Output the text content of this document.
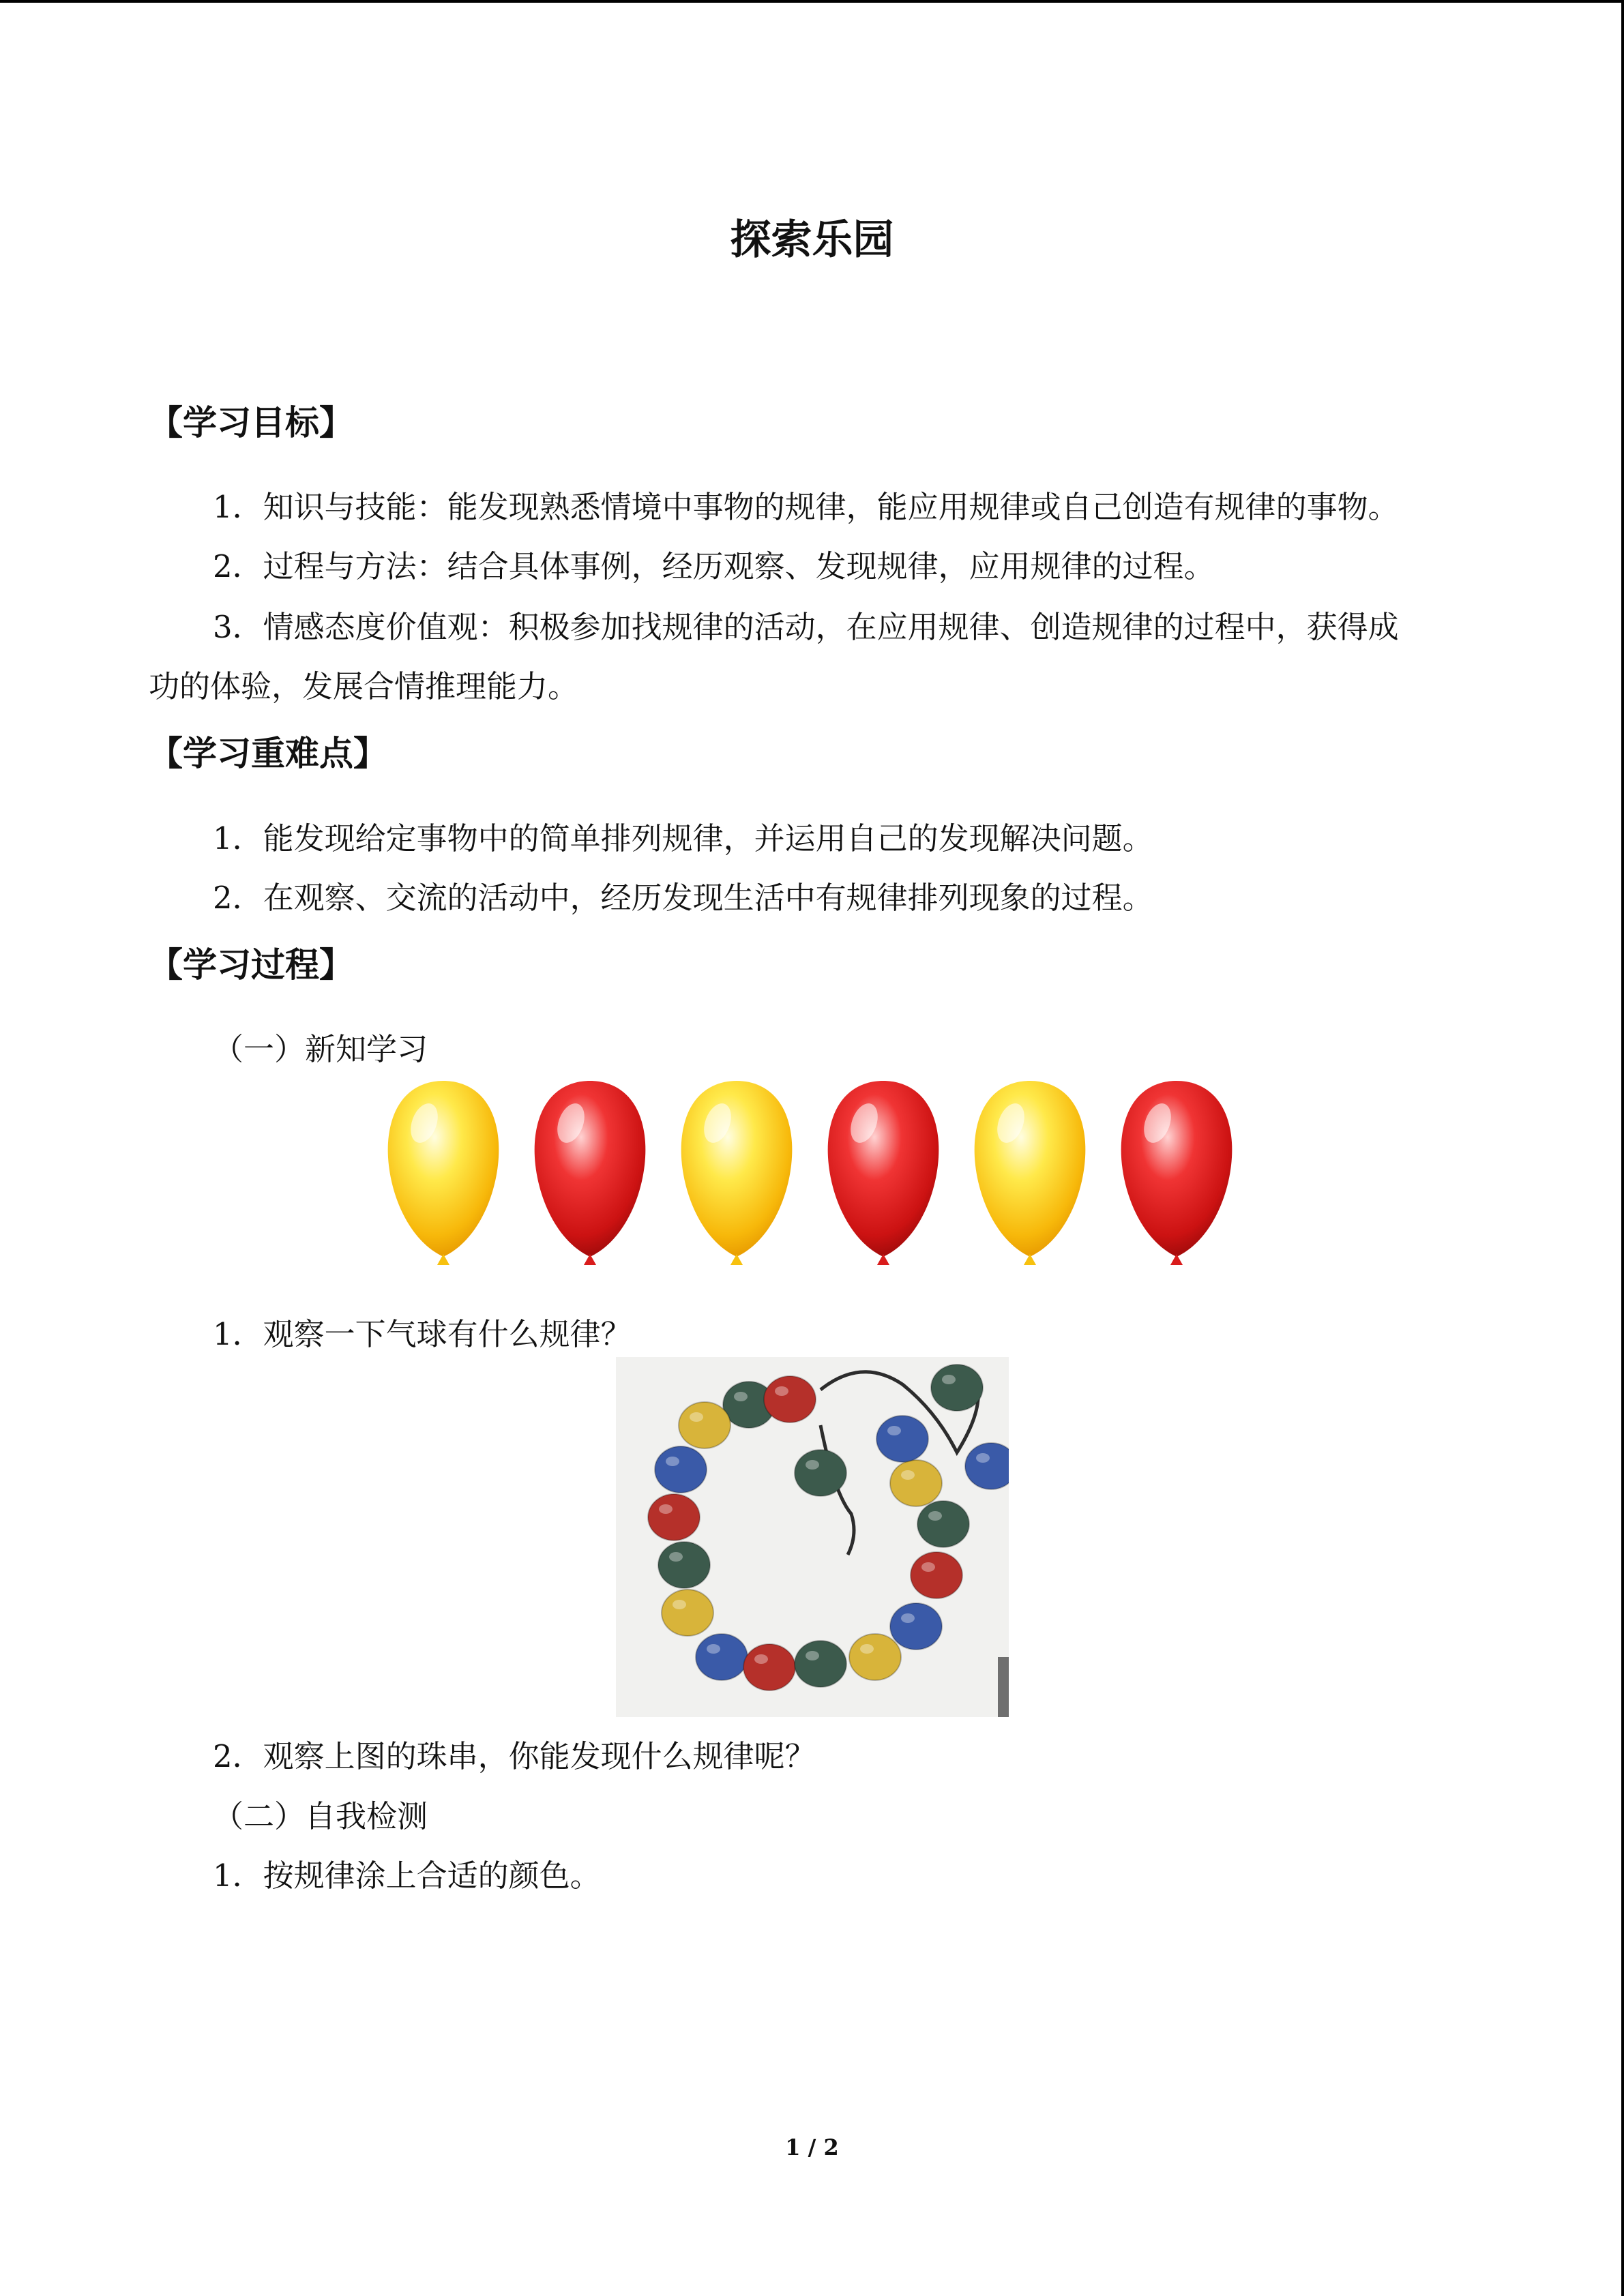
探索乐园
【学习目标】
1．知识与技能：能发现熟悉情境中事物的规律，能应用规律或自己创造有规律的事物。
2．过程与方法：结合具体事例，经历观察、发现规律，应用规律的过程。
3．情感态度价值观：积极参加找规律的活动，在应用规律、创造规律的过程中，获得成
功的体验，发展合情推理能力。
【学习重难点】
1．能发现给定事物中的简单排列规律，并运用自己的发现解决问题。
2．在观察、交流的活动中，经历发现生活中有规律排列现象的过程。
【学习过程】
（一）新知学习
1．观察一下气球有什么规律？
2．观察上图的珠串，你能发现什么规律呢？
（二）自我检测
1．按规律涂上合适的颜色。
1 / 2
